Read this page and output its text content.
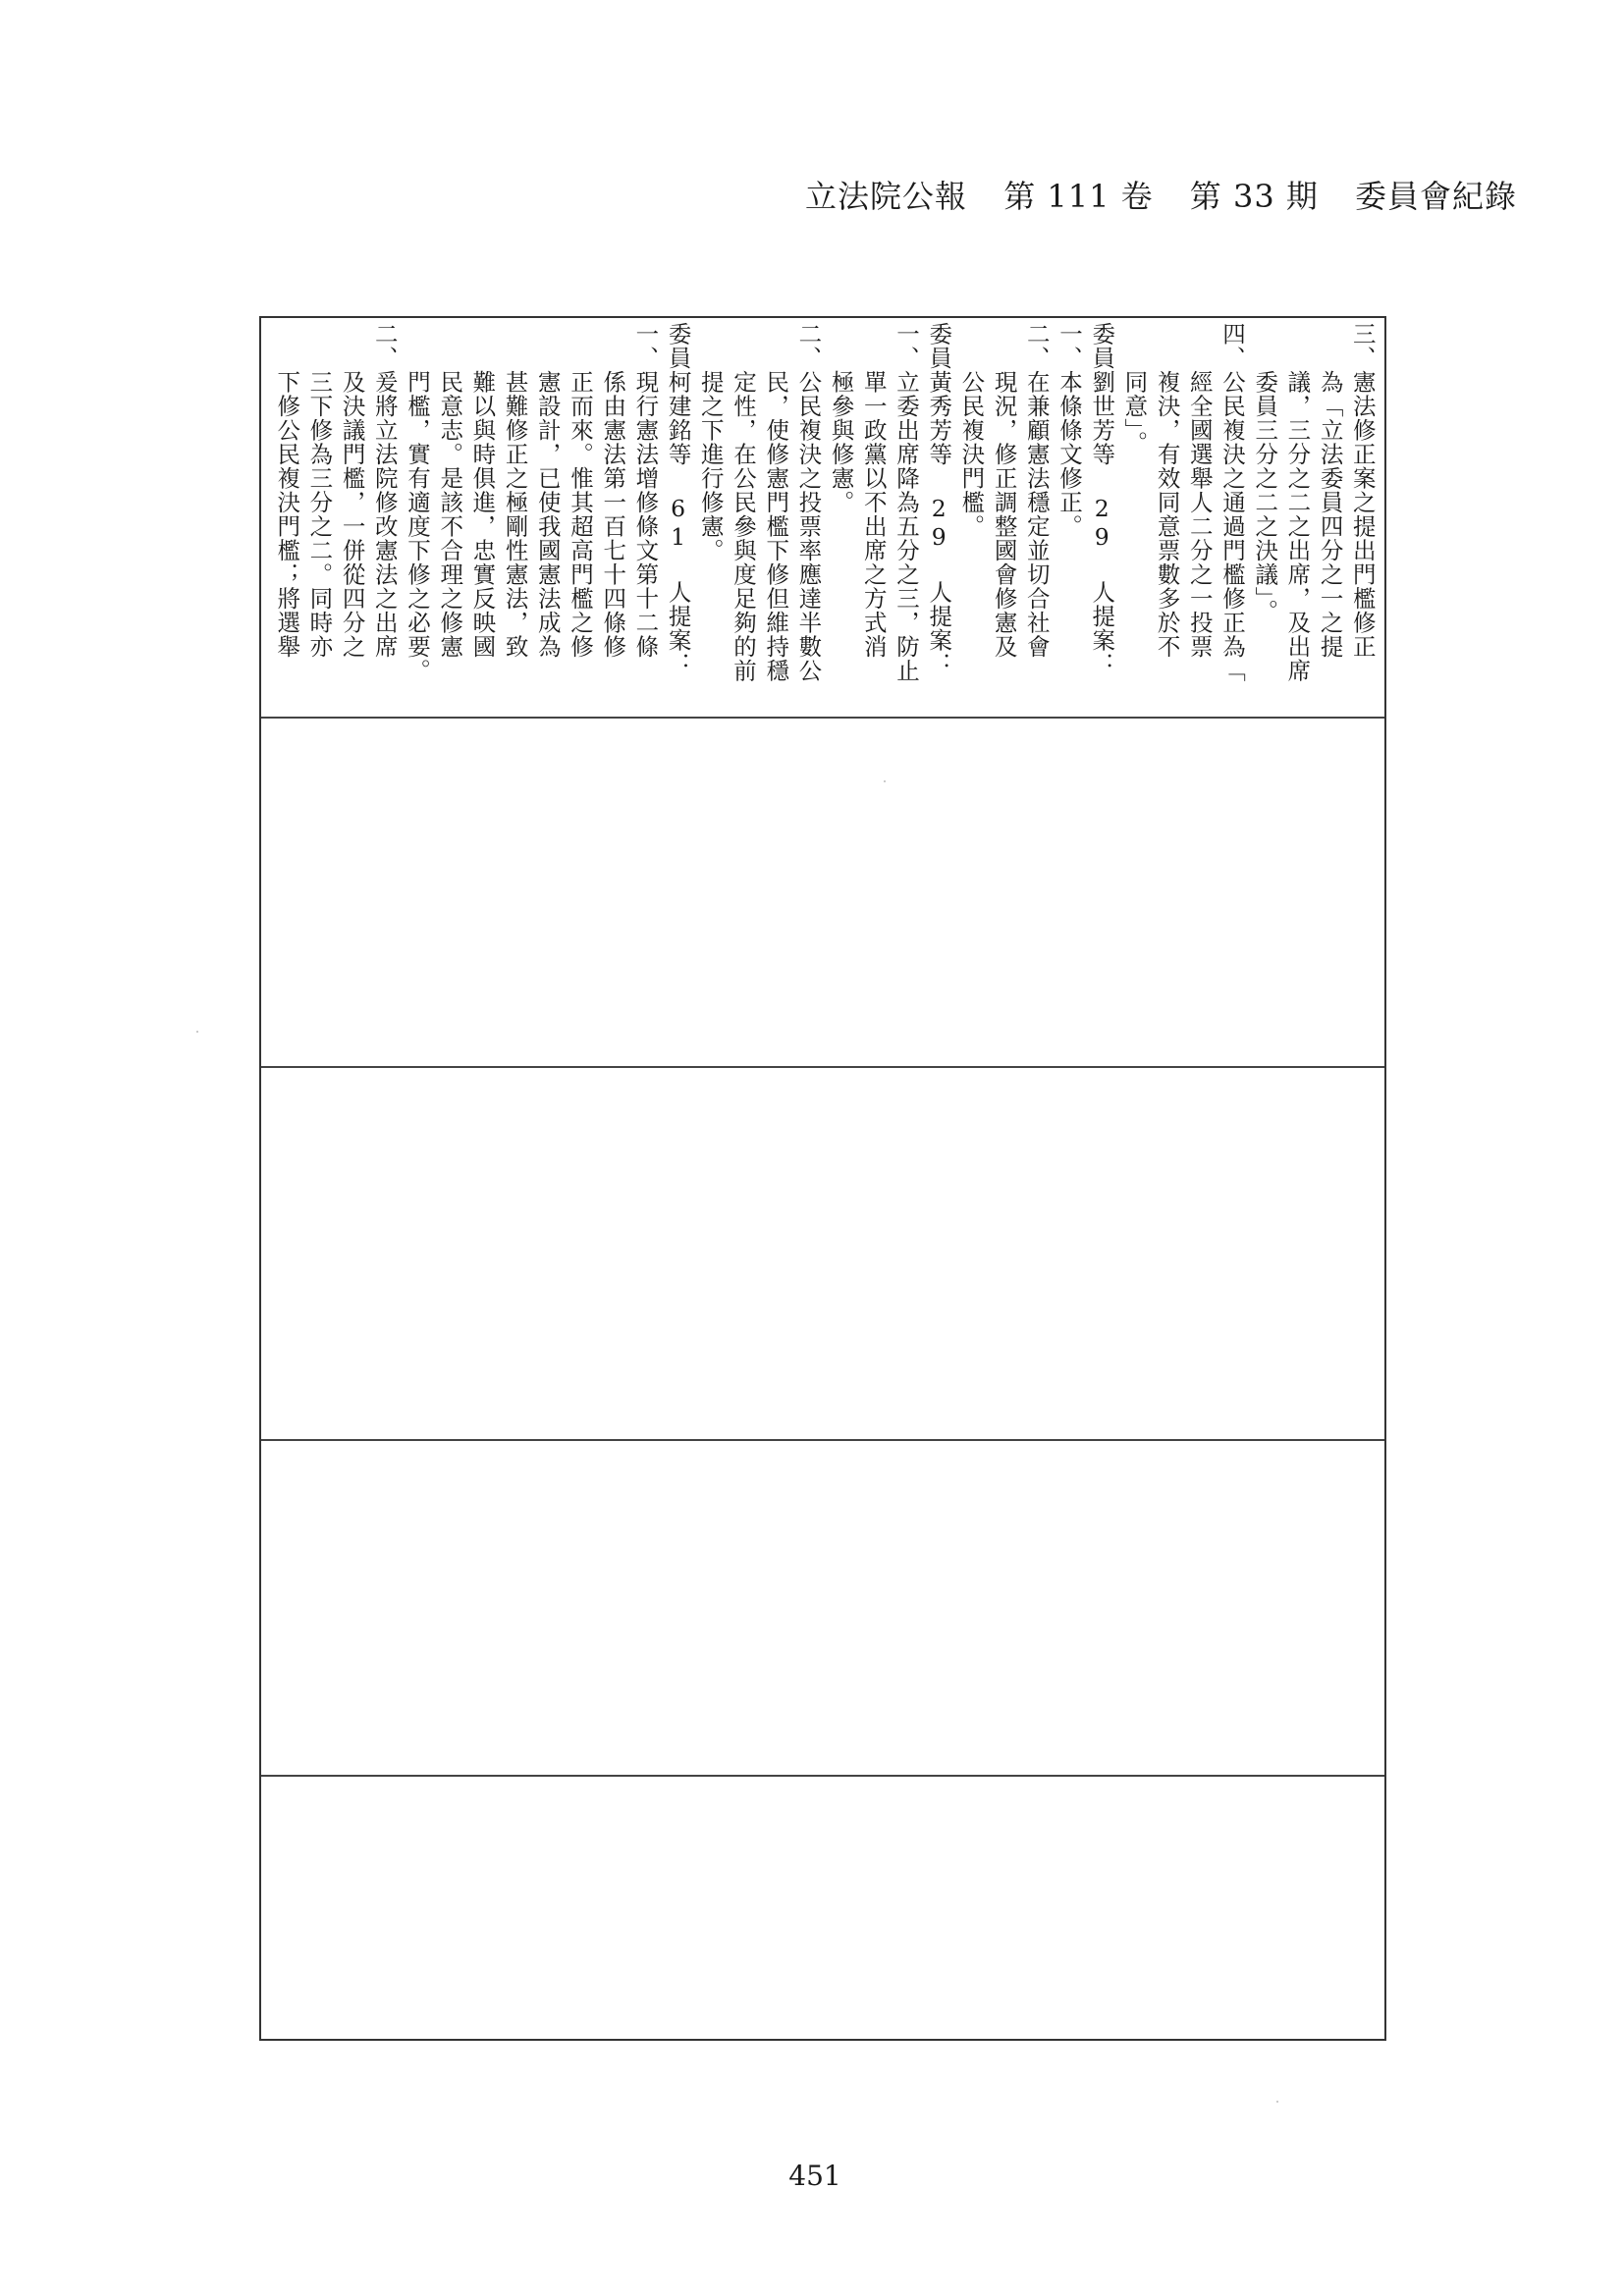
立法院公報 第 111 卷 第 33 期 委員會紀錄
三、憲法修正案之提出門檻修正
　　為「立法委員四分之一之提
　　議，三分之二之出席，及出席
　　委員三分之二之決議」。
四、公民複決之通過門檻修正為「
　　經全國選舉人二分之一投票
　　複決，有效同意票數多於不
　　同意」。
委員劉世芳等 29 人提案：
一、本條條文修正。
二、在兼顧憲法穩定並切合社會
　　現況，修正調整國會修憲及
　　公民複決門檻。
委員黃秀芳等 29 人提案：
一、立委出席降為五分之三，防止
　　單一政黨以不出席之方式消
　　極參與修憲。
二、公民複決之投票率應達半數公
　　民，使修憲門檻下修但維持穩
　　定性，在公民參與度足夠的前
　　提之下進行修憲。
委員柯建銘等 61 人提案：
一、現行憲法增修條文第十二條
　　係由憲法第一百七十四條修
　　正而來。惟其超高門檻之修
　　憲設計，已使我國憲法成為
　　甚難修正之極剛性憲法，致
　　難以與時俱進，忠實反映國
　　民意志。是該不合理之修憲
　　門檻，實有適度下修之必要。
二、爰將立法院修改憲法之出席
　　及決議門檻，一併從四分之
　　三下修為三分之二。同時亦
　　下修公民複決門檻；將選舉
451
